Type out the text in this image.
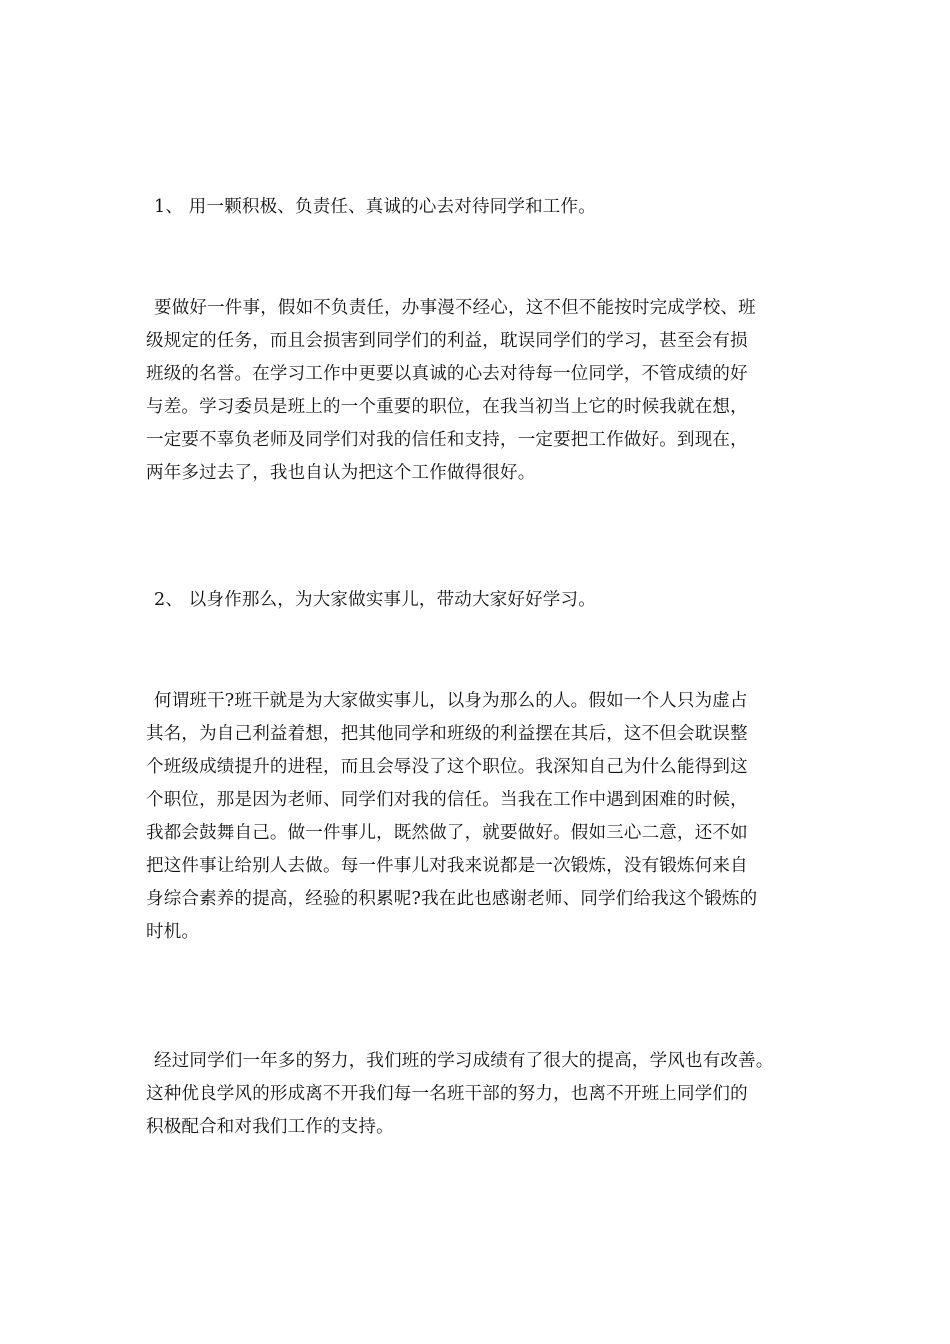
1、 用一颗积极、负责任、真诚的心去对待同学和工作。
要做好一件事，假如不负责任，办事漫不经心，这不但不能按时完成学校、班
级规定的任务，而且会损害到同学们的利益，耽误同学们的学习，甚至会有损
班级的名誉。在学习工作中更要以真诚的心去对待每一位同学，不管成绩的好
与差。学习委员是班上的一个重要的职位，在我当初当上它的时候我就在想，
一定要不辜负老师及同学们对我的信任和支持，一定要把工作做好。到现在，
两年多过去了，我也自认为把这个工作做得很好。
2、 以身作那么，为大家做实事儿，带动大家好好学习。
何谓班干?班干就是为大家做实事儿，以身为那么的人。假如一个人只为虚占
其名，为自己利益着想，把其他同学和班级的利益摆在其后，这不但会耽误整
个班级成绩提升的进程，而且会辱没了这个职位。我深知自己为什么能得到这
个职位，那是因为老师、同学们对我的信任。当我在工作中遇到困难的时候，
我都会鼓舞自己。做一件事儿，既然做了，就要做好。假如三心二意，还不如
把这件事让给别人去做。每一件事儿对我来说都是一次锻炼，没有锻炼何来自
身综合素养的提高，经验的积累呢?我在此也感谢老师、同学们给我这个锻炼的
时机。
经过同学们一年多的努力，我们班的学习成绩有了很大的提高，学风也有改善。
这种优良学风的形成离不开我们每一名班干部的努力，也离不开班上同学们的
积极配合和对我们工作的支持。
